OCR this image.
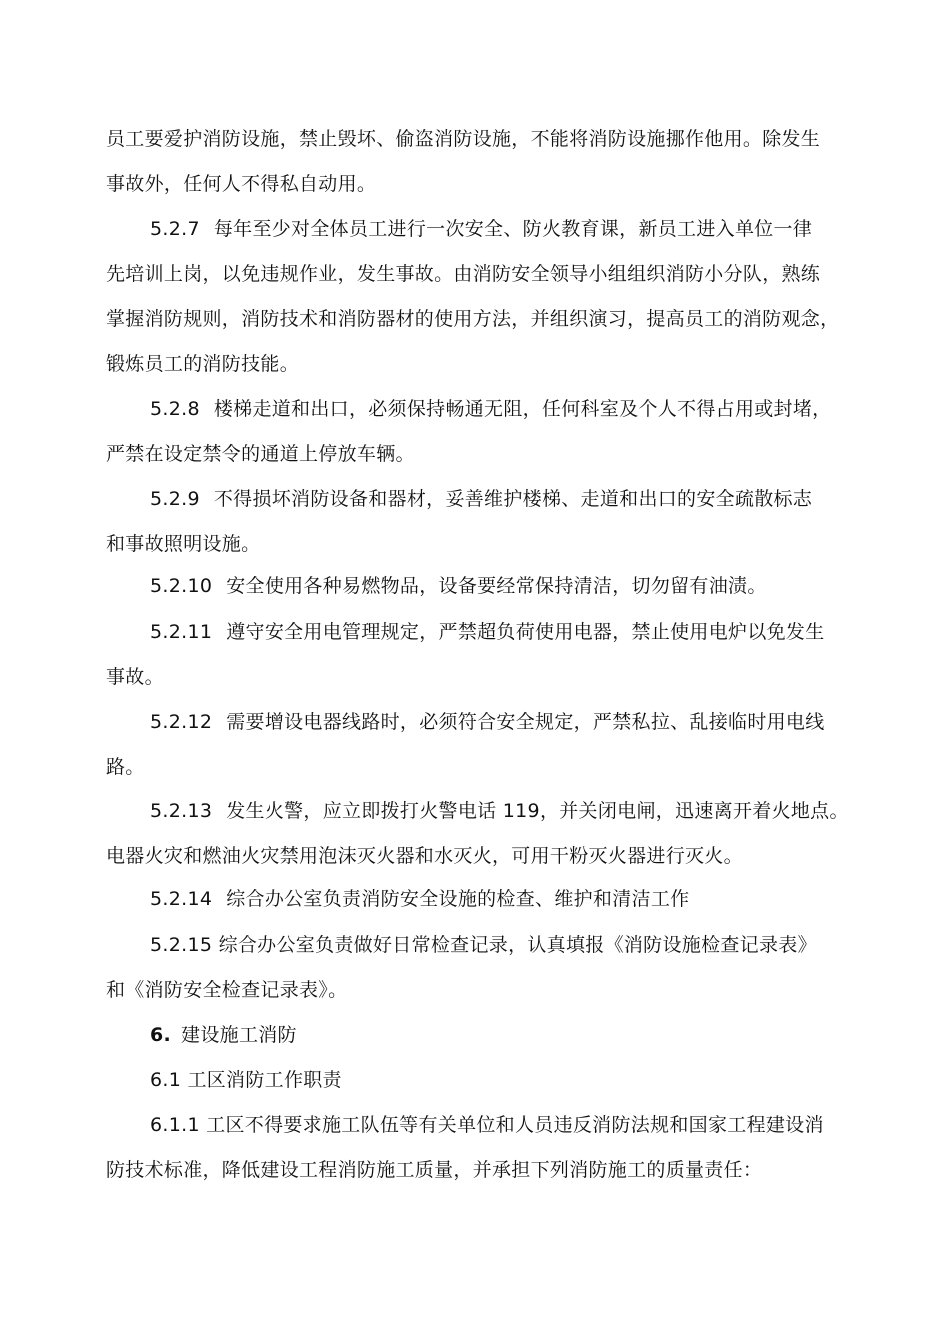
员工要爱护消防设施，禁止毁坏、偷盗消防设施，不能将消防设施挪作他用。除发生
事故外，任何人不得私自动用。
5.2.7 每年至少对全体员工进行一次安全、防火教育课，新员工进入单位一律
先培训上岗，以免违规作业，发生事故。由消防安全领导小组组织消防小分队，熟练
掌握消防规则，消防技术和消防器材的使用方法，并组织演习，提高员工的消防观念，
锻炼员工的消防技能。
5.2.8 楼梯走道和出口，必须保持畅通无阻，任何科室及个人不得占用或封堵，
严禁在设定禁令的通道上停放车辆。
5.2.9 不得损坏消防设备和器材，妥善维护楼梯、走道和出口的安全疏散标志
和事故照明设施。
5.2.10 安全使用各种易燃物品，设备要经常保持清洁，切勿留有油渍。
5.2.11 遵守安全用电管理规定，严禁超负荷使用电器，禁止使用电炉以免发生
事故。
5.2.12 需要增设电器线路时，必须符合安全规定，严禁私拉、乱接临时用电线
路。
5.2.13 发生火警，应立即拨打火警电话 119，并关闭电闸，迅速离开着火地点。
电器火灾和燃油火灾禁用泡沫灭火器和水灭火，可用干粉灭火器进行灭火。
5.2.14 综合办公室负责消防安全设施的检查、维护和清洁工作
5.2.15 综合办公室负责做好日常检查记录，认真填报《消防设施检查记录表》
和《消防安全检查记录表》。
6. 建设施工消防
6.1 工区消防工作职责
6.1.1 工区不得要求施工队伍等有关单位和人员违反消防法规和国家工程建设消
防技术标准，降低建设工程消防施工质量，并承担下列消防施工的质量责任：
